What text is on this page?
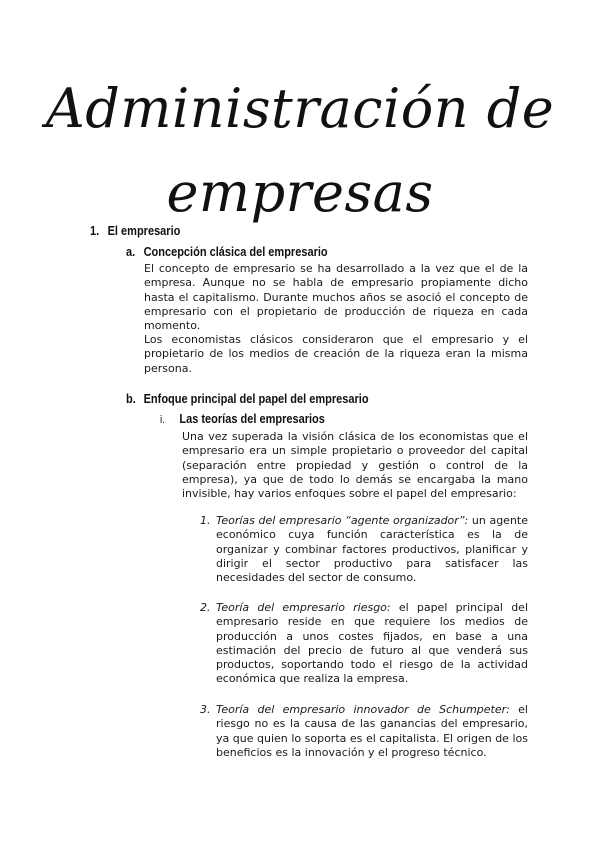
Administración de
empresas
1. El empresario
a. Concepción clásica del empresario

El concepto de empresario se ha desarrollado a la vez que el de la empresa. Aunque no se habla de empresario propiamente dicho hasta el capitalismo. Durante muchos años se asoció el concepto de empresario con el propietario de producción de riqueza en cada momento.

Los economistas clásicos consideraron que el empresario y el propietario de los medios de creación de la riqueza eran la misma persona.

b. Enfoque principal del papel del empresario
i. Las teorías del empresarios

Una vez superada la visión clásica de los economistas que el empresario era un simple propietario o proveedor del capital (separación entre propiedad y gestión o control de la empresa), ya que de todo lo demás se encargaba la mano invisible, hay varios enfoques sobre el papel del empresario:

1. Teorías del empresario “agente organizador”: un agente económico cuya función característica es la de organizar y combinar factores productivos, planificar y dirigir el sector productivo para satisfacer las necesidades del sector de consumo.
2. Teoría del empresario riesgo: el papel principal del empresario reside en que requiere los medios de producción a unos costes fijados, en base a una estimación del precio de futuro al que venderá sus productos, soportando todo el riesgo de la actividad económica que realiza la empresa.
3. Teoría del empresario innovador de Schumpeter: el riesgo no es la causa de las ganancias del empresario, ya que quien lo soporta es el capitalista. El origen de los beneficios es la innovación y el progreso técnico.
